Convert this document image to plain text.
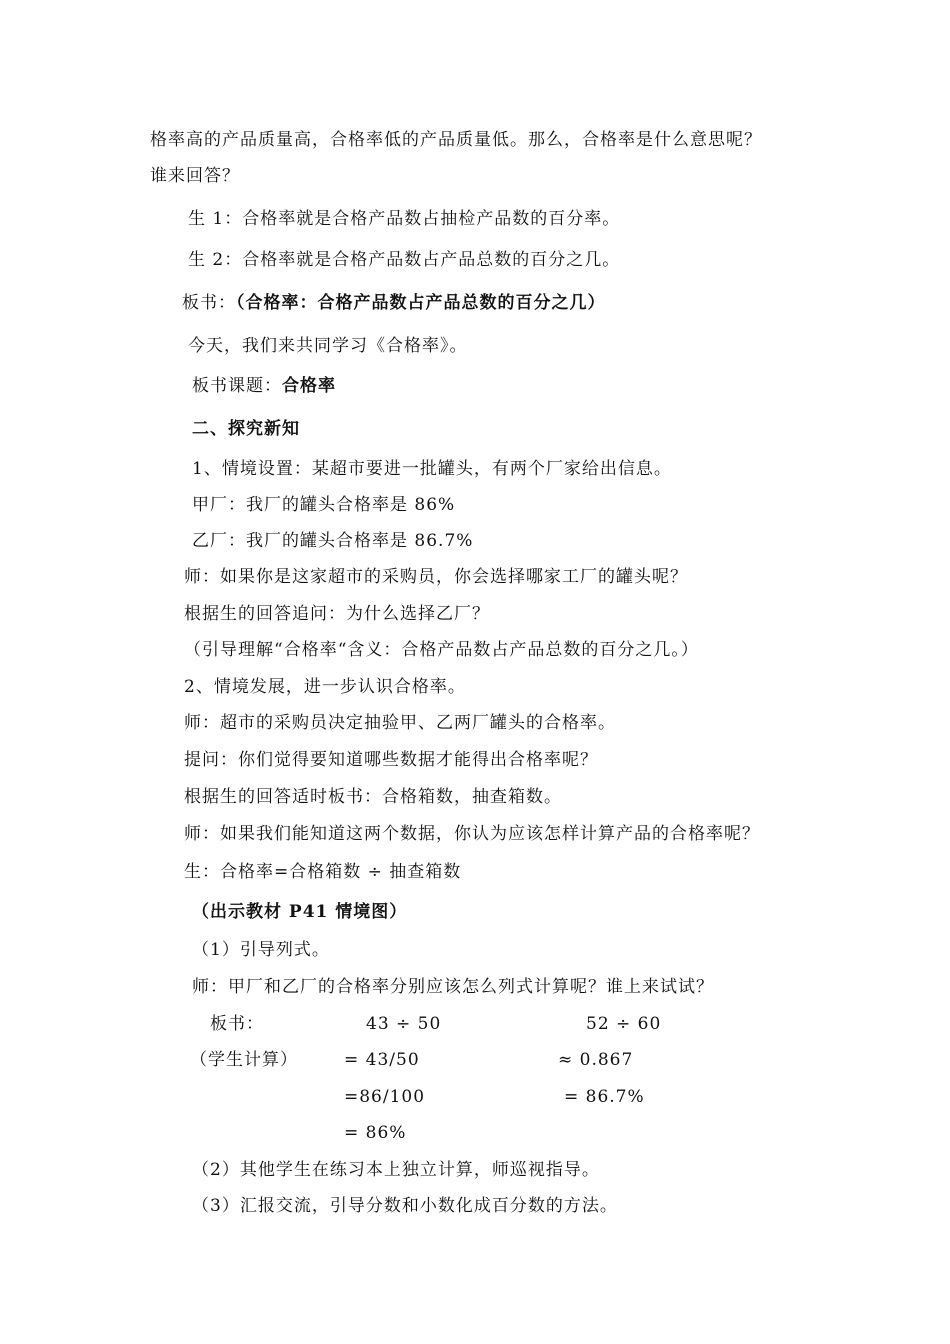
格率高的产品质量高，合格率低的产品质量低。那么，合格率是什么意思呢？
谁来回答？
生 1：合格率就是合格产品数占抽检产品数的百分率。
生 2：合格率就是合格产品数占产品总数的百分之几。
板书：（合格率：合格产品数占产品总数的百分之几）
今天，我们来共同学习《合格率》。
板书课题：合格率
二、探究新知
1、情境设置：某超市要进一批罐头，有两个厂家给出信息。
甲厂：我厂的罐头合格率是 86%
乙厂：我厂的罐头合格率是 86.7%
师：如果你是这家超市的采购员，你会选择哪家工厂的罐头呢？
根据生的回答追问：为什么选择乙厂？
（引导理解“合格率“含义：合格产品数占产品总数的百分之几。）
2、情境发展，进一步认识合格率。
师：超市的采购员决定抽验甲、乙两厂罐头的合格率。
提问：你们觉得要知道哪些数据才能得出合格率呢？
根据生的回答适时板书：合格箱数，抽查箱数。
师：如果我们能知道这两个数据，你认为应该怎样计算产品的合格率呢？
生：合格率=合格箱数 ÷ 抽查箱数
（出示教材 P41 情境图）
（1）引导列式。
师：甲厂和乙厂的合格率分别应该怎么列式计算呢？谁上来试试？
板书：
（学生计算）
43 ÷ 50
= 43/50
=86/100
= 86%
52 ÷ 60
≈ 0.867
= 86.7%
（2）其他学生在练习本上独立计算，师巡视指导。
（3）汇报交流，引导分数和小数化成百分数的方法。
